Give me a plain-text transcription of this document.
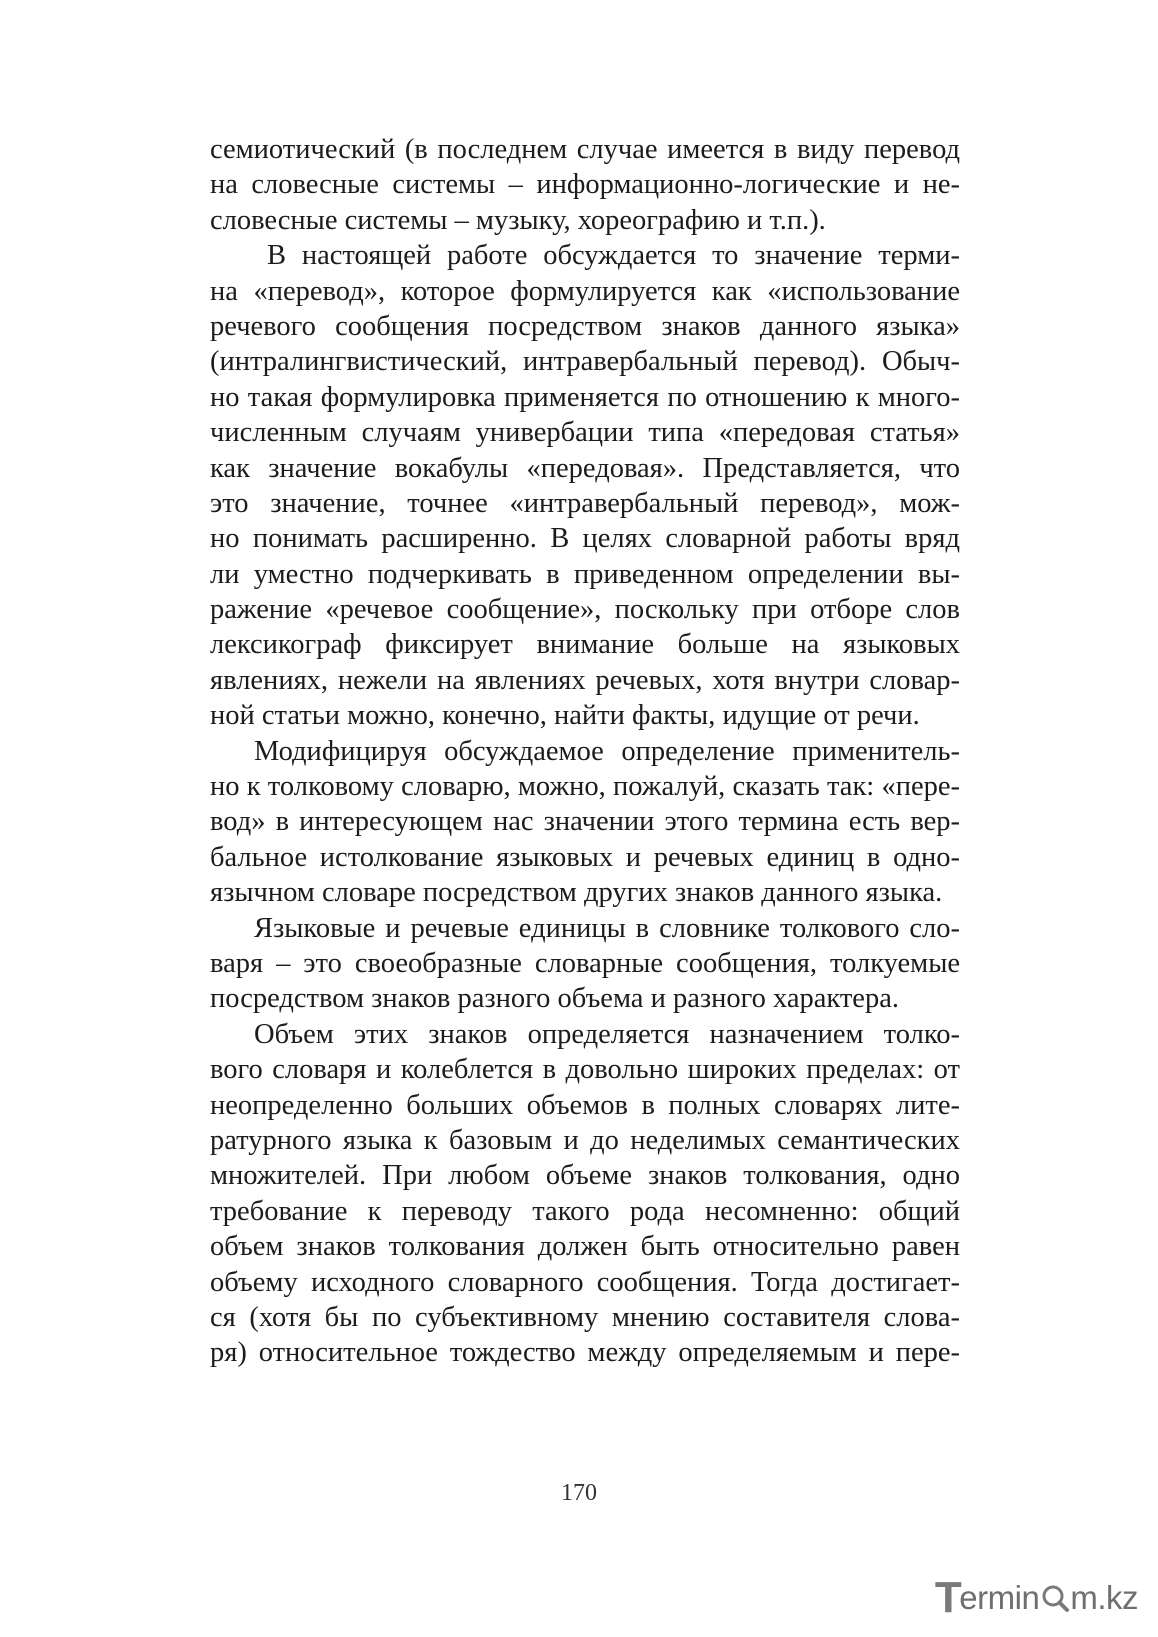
семиотический (в последнем случае имеется в виду перевод
на словесные системы – информационно-логические и не-
словесные системы – музыку, хореографию и т.п.).
В настоящей работе обсуждается то значение терми-
на «перевод», которое формулируется как «использование
речевого сообщения посредством знаков данного языка»
(интралингвистический, интравербальный перевод). Обыч-
но такая формулировка применяется по отношению к много-
численным случаям универбации типа «передовая статья»
как значение вокабулы «передовая». Представляется, что
это значение, точнее «интравербальный перевод», мож-
но понимать расширенно. В целях словарной работы вряд
ли уместно подчеркивать в приведенном определении вы-
ражение «речевое сообщение», поскольку при отборе слов
лексикограф фиксирует внимание больше на языковых
явлениях, нежели на явлениях речевых, хотя внутри словар-
ной статьи можно, конечно, найти факты, идущие от речи.
Модифицируя обсуждаемое определение применитель-
но к толковому словарю, можно, пожалуй, сказать так: «пере-
вод» в интересующем нас значении этого термина есть вер-
бальное истолкование языковых и речевых единиц в одно-
язычном словаре посредством других знаков данного языка.
Языковые и речевые единицы в словнике толкового сло-
варя – это своеобразные словарные сообщения, толкуемые
посредством знаков разного объема и разного характера.
Объем этих знаков определяется назначением толко-
вого словаря и колеблется в довольно широких пределах: от
неопределенно больших объемов в полных словарях лите-
ратурного языка к базовым и до неделимых семантических
множителей. При любом объеме знаков толкования, одно
требование к переводу такого рода несомненно: общий
объем знаков толкования должен быть относительно равен
объему исходного словарного сообщения. Тогда достигает-
ся (хотя бы по субъективному мнению составителя слова-
ря) относительное тождество между определяемым и пере-
170
T
ermin m.kz
